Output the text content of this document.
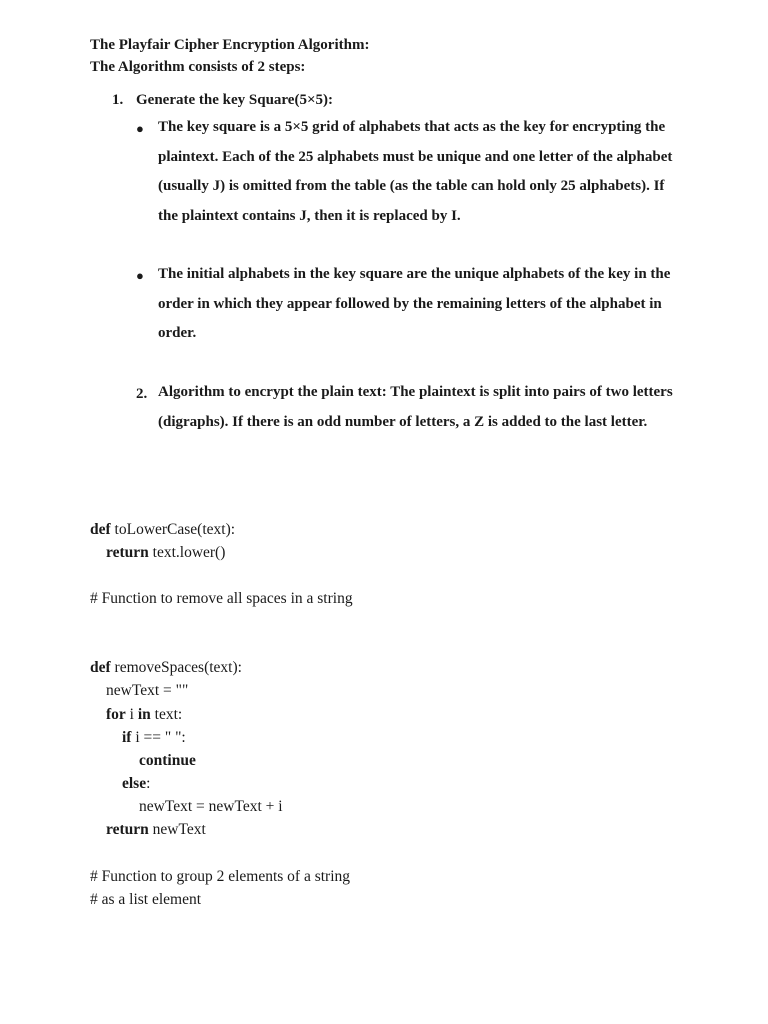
The Playfair Cipher Encryption Algorithm:
The Algorithm consists of 2 steps:
1. Generate the key Square(5×5):
● The key square is a 5×5 grid of alphabets that acts as the key for encrypting the plaintext. Each of the 25 alphabets must be unique and one letter of the alphabet (usually J) is omitted from the table (as the table can hold only 25 alphabets). If the plaintext contains J, then it is replaced by I.
● The initial alphabets in the key square are the unique alphabets of the key in the order in which they appear followed by the remaining letters of the alphabet in order.
2. Algorithm to encrypt the plain text: The plaintext is split into pairs of two letters (digraphs). If there is an odd number of letters, a Z is added to the last letter.
def toLowerCase(text):
return text.lower()
# Function to remove all spaces in a string
def removeSpaces(text):
newText = ""
for i in text:
if i == " ":
continue
else:
newText = newText + i
return newText
# Function to group 2 elements of a string
# as a list element
